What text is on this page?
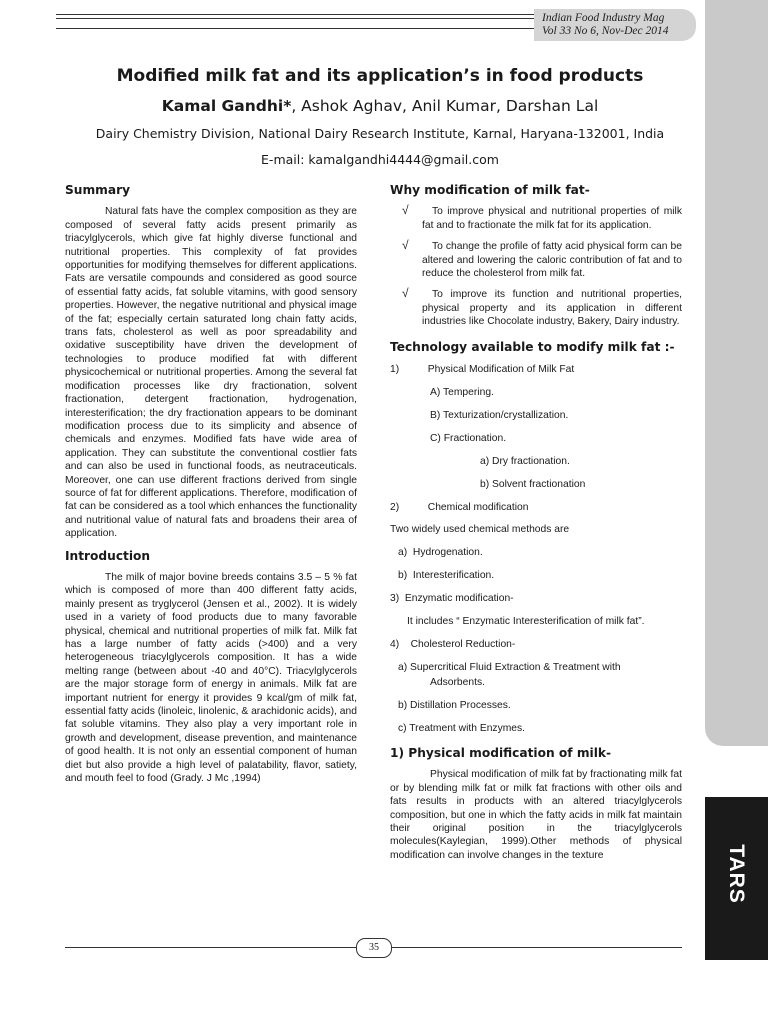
Indian Food Industry Mag
Vol 33 No 6, Nov-Dec 2014
TARS
Modified milk fat and its application’s in food products
Kamal Gandhi*, Ashok Aghav, Anil Kumar, Darshan Lal
Dairy Chemistry Division, National Dairy Research Institute, Karnal, Haryana-132001, India
E-mail: kamalgandhi4444@gmail.com
Summary

Natural fats have the complex composition as they are composed of several fatty acids present primarily as triacylglycerols, which give fat highly diverse functional and nutritional properties. This complexity of fat provides opportunities for modifying themselves for different applications. Fats are versatile compounds and considered as good source of essential fatty acids, fat soluble vitamins, with good sensory properties. However, the negative nutritional and physical image of the fat; especially certain saturated long chain fatty acids, trans fats, cholesterol as well as poor spreadability and oxidative susceptibility have driven the development of technologies to produce modified fat with different physicochemical or nutritional properties. Among the several fat modification processes like dry fractionation, solvent fractionation, detergent fractionation, hydrogenation, interesterification; the dry fractionation appears to be dominant modification process due to its simplicity and absence of chemicals and enzymes. Modified fats have wide area of application. They can substitute the conventional costlier fats and can also be used in functional foods, as neutraceuticals. Moreover, one can use different fractions derived from single source of fat for different applications. Therefore, modification of fat can be considered as a tool which enhances the functionality and nutritional value of natural fats and broadens their area of application.

Introduction

The milk of major bovine breeds contains 3.5 – 5 % fat which is composed of more than 400 different fatty acids, mainly present as tryglycerol (Jensen et al., 2002). It is widely used in a variety of food products due to many favorable physical, chemical and nutritional properties of milk fat. Milk fat has a large number of fatty acids (>400) and a very heterogeneous triacylglycerols composition. It has a wide melting range (between about -40 and 40°C). Triacylglycerols are the major storage form of energy in animals. Milk fat are important nutrient for energy it provides 9 kcal/gm of milk fat, essential fatty acids (linoleic, linolenic, & arachidonic acids), and fat soluble vitamins. They also play a very important role in growth and development, disease prevention, and maintenance of good health. It is not only an essential component of human diet but also provide a high level of palatability, flavor, satiety, and mouth feel to food (Grady. J Mc ,1994)

Why modification of milk fat-
√ To improve physical and nutritional properties of milk fat and to fractionate the milk fat for its application.
√ To change the profile of fatty acid physical form can be altered and lowering the caloric contribution of fat and to reduce the cholesterol from milk fat.
√ To improve its function and nutritional properties, physical property and its application in different industries like Chocolate industry, Bakery, Dairy industry.
Technology available to modify milk fat :-
1)          Physical Modification of Milk Fat
A) Tempering.
B) Texturization/crystallization.
C) Fractionation.
a) Dry fractionation.
b) Solvent fractionation
2)          Chemical modification
Two widely used chemical methods are
a)  Hydrogenation.
b)  Interesterification.
3)  Enzymatic modification-
It includes “ Enzymatic Interesterification of milk fat”.
4)    Cholesterol Reduction-
a) Supercritical Fluid Extraction & Treatment with
Adsorbents.
b) Distillation Processes.
c) Treatment with Enzymes.
1) Physical modification of milk-

Physical modification of milk fat by fractionating milk fat or by blending milk fat or milk fat fractions with other oils and fats results in products with an altered triacylglycerols composition, but one in which the fatty acids in milk fat maintain their original position in the triacylglycerols molecules(Kaylegian, 1999).Other methods of physical modification can involve changes in the texture

35
